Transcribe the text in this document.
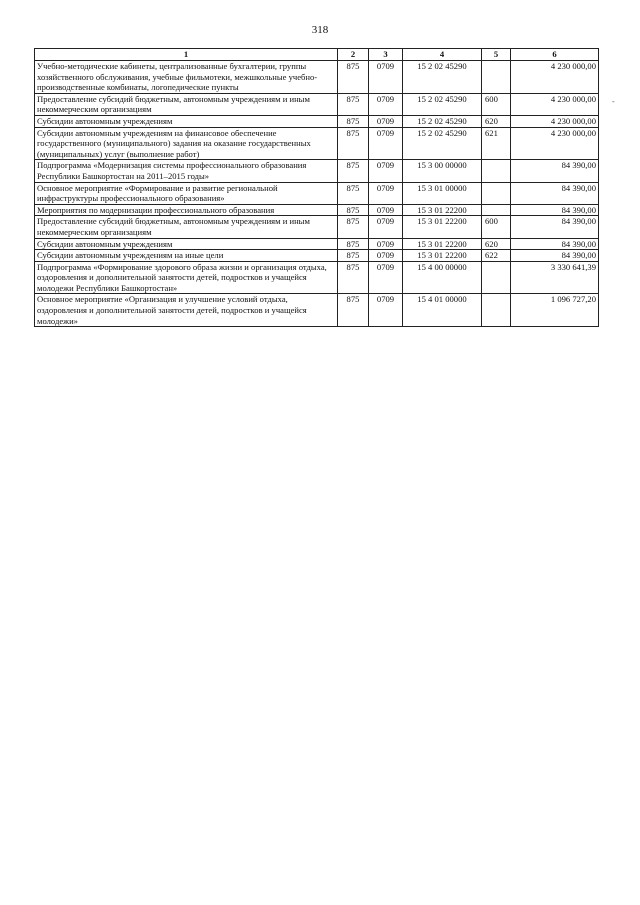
318
-
1	2	3	4	5	6
Учебно-методические кабинеты, централизованные бухгалтерии, группы хозяйственного обслуживания, учебные фильмотеки, межшкольные учебно-производственные комбинаты, логопедические пункты	875	0709	15 2 02 45290		4 230 000,00
Предоставление субсидий бюджетным, автономным учреждениям и иным некоммерческим организациям	875	0709	15 2 02 45290	600	4 230 000,00
Субсидии автономным учреждениям	875	0709	15 2 02 45290	620	4 230 000,00
Субсидии автономным учреждениям на финансовое обеспечение государственного (муниципального) задания на оказание государственных (муниципальных) услуг (выполнение работ)	875	0709	15 2 02 45290	621	4 230 000,00
Подпрограмма «Модернизация системы профессионального образования Республики Башкортостан на 2011–2015 годы»	875	0709	15 3 00 00000		84 390,00
Основное мероприятие «Формирование и развитие региональной инфраструктуры профессионального образования»	875	0709	15 3 01 00000		84 390,00
Мероприятия по модернизации профессионального образования	875	0709	15 3 01 22200		84 390,00
Предоставление субсидий бюджетным, автономным учреждениям и иным некоммерческим организациям	875	0709	15 3 01 22200	600	84 390,00
Субсидии автономным учреждениям	875	0709	15 3 01 22200	620	84 390,00
Субсидии автономным учреждениям на иные цели	875	0709	15 3 01 22200	622	84 390,00
Подпрограмма «Формирование здорового образа жизни и организация отдыха, оздоровления и дополнительной занятости детей, подростков и учащейся молодежи Республики Башкортостан»	875	0709	15 4 00 00000		3 330 641,39
Основное мероприятие «Организация и улучшение условий отдыха, оздоровления и дополнительной занятости детей, подростков и учащейся молодежи»	875	0709	15 4 01 00000		1 096 727,20
